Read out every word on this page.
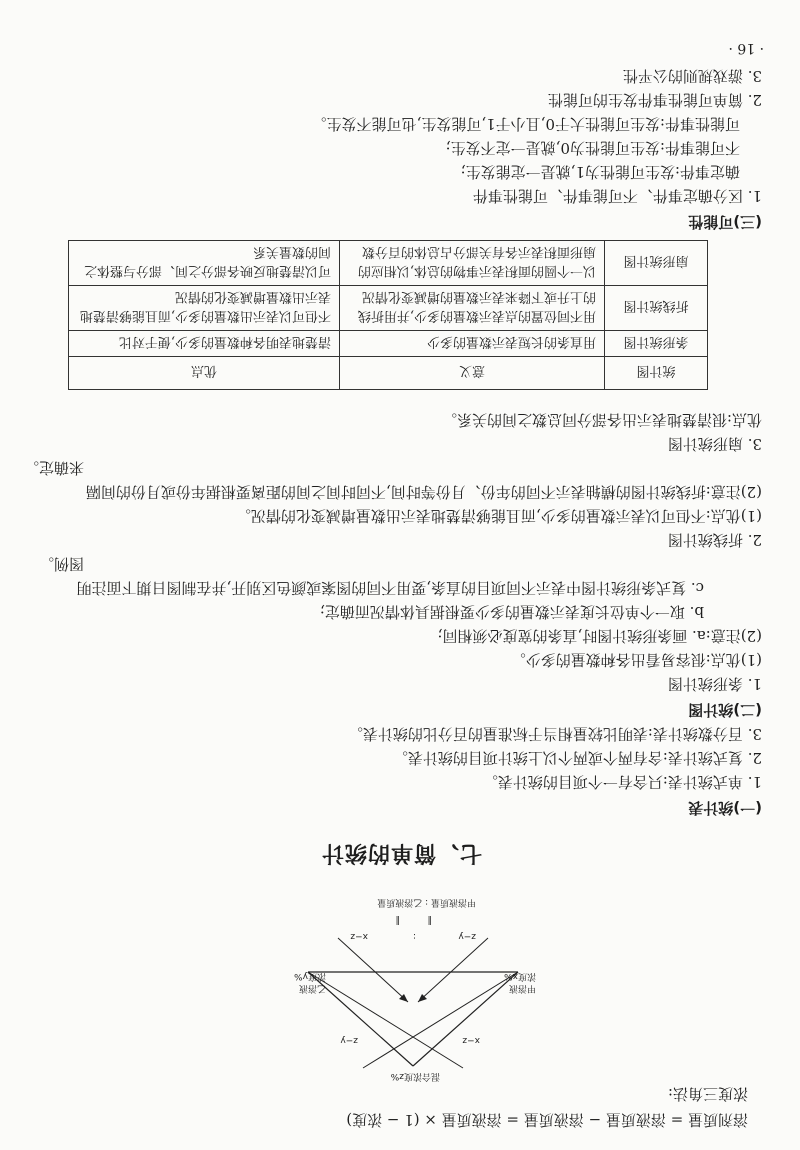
溶剂质量 = 溶液质量 − 溶液质量 = 溶液质量 × (1 − 浓度)
浓度三角法:
混合浓度z%
x−z
z−y
甲溶液
浓度x%
乙溶液
浓度y%
z−y
:
x−z
‖
‖
甲溶液质量 : 乙溶液质量
七、简单的统计
(一)统计表
1. 单式统计表:只含有一个项目的统计表。
2. 复式统计表:含有两个或两个以上统计项目的统计表。
3. 百分数统计表:表明比较量相当于标准量的百分比的统计表。
(二)统计图
1. 条形统计图
(1)优点:很容易看出各种数量的多少。
(2)注意:a. 画条形统计图时,直条的宽度必须相同;
b. 取一个单位长度表示数量的多少要根据具体情况而确定;
c. 复式条形统计图中表示不同项目的直条,要用不同的图案或颜色区别开,并在制图日期下面注明
图例。
2. 折线统计图
(1)优点:不但可以表示数量的多少,而且能够清楚地表示出数量增减变化的情况。
(2)注意:折线统计图的横轴表示不同的年份、月份等时间,不同时间之间的距离要根据年份或月份的间隔
来确定。
3. 扇形统计图
优点:很清楚地表示出各部分同总数之间的关系。
统计图	意义	优点
条形统计图	用直条的长短表示数量的多少	清楚地表明各种数量的多少,便于对比
折线统计图	用不同位置的点表示数量的多少,并用折线的上升或下降来表示数量的增减变化情况	不但可以表示出数量的多少,而且能够清楚地表示出数量增减变化的情况
扇形统计图	以一个圆的面积表示事物的总体,以相应的扇形面积表示各有关部分占总体的百分数	可以清楚地反映各部分之间、部分与整体之间的数量关系
(三)可能性
1. 区分确定事件、不可能事件、可能性事件
确定事件:发生可能性为1,就是一定能发生;
不可能事件:发生可能性为0,就是一定不发生;
可能性事件:发生可能性大于0,且小于1,可能发生,也可能不发生。
2. 简单可能性事件发生的可能性
3. 游戏规则的公平性
· 16 ·
